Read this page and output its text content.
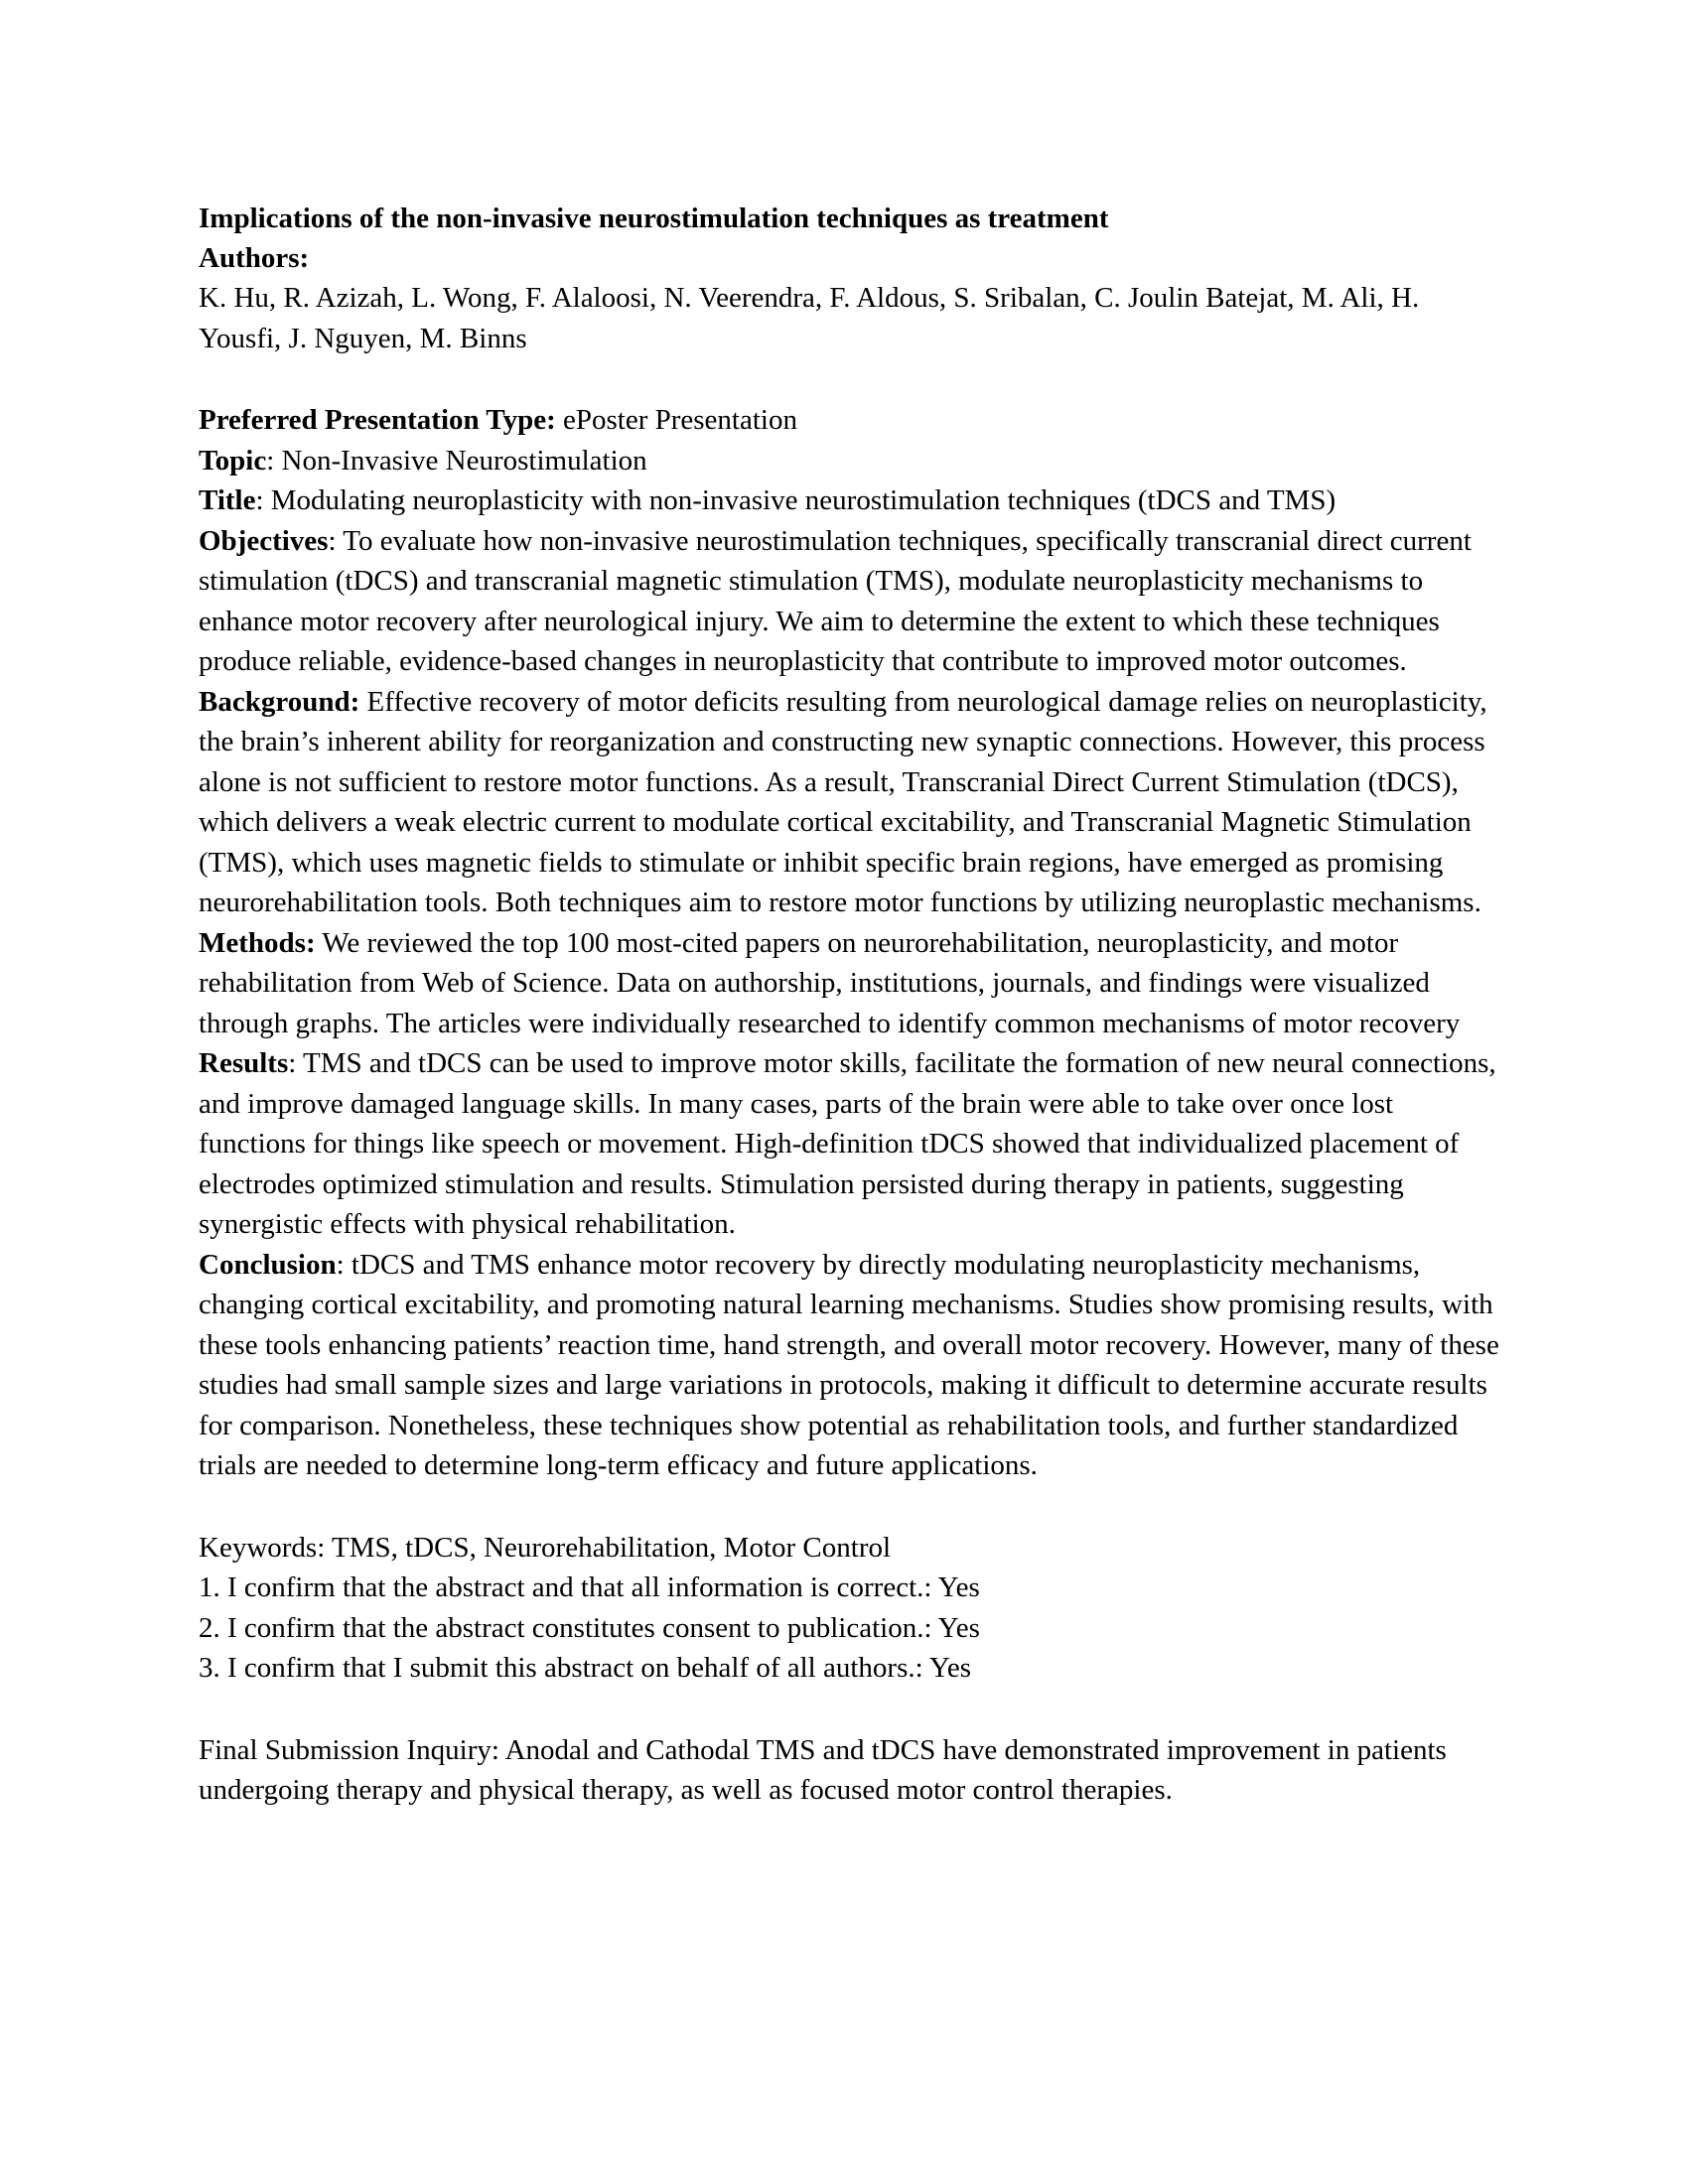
Implications of the non-invasive neurostimulation techniques as treatment

Authors:

K. Hu, R. Azizah, L. Wong, F. Alaloosi, N. Veerendra, F. Aldous, S. Sribalan, C. Joulin Batejat, M. Ali, H. Yousfi, J. Nguyen, M. Binns

Preferred Presentation Type: ePoster Presentation

Topic: Non-Invasive Neurostimulation

Title: Modulating neuroplasticity with non-invasive neurostimulation techniques (tDCS and TMS)

Objectives: To evaluate how non-invasive neurostimulation techniques, specifically transcranial direct current stimulation (tDCS) and transcranial magnetic stimulation (TMS), modulate neuroplasticity mechanisms to enhance motor recovery after neurological injury. We aim to determine the extent to which these techniques produce reliable, evidence-based changes in neuroplasticity that contribute to improved motor outcomes.

Background: Effective recovery of motor deficits resulting from neurological damage relies on neuroplasticity, the brain’s inherent ability for reorganization and constructing new synaptic connections. However, this process alone is not sufficient to restore motor functions. As a result, Transcranial Direct Current Stimulation (tDCS), which delivers a weak electric current to modulate cortical excitability, and Transcranial Magnetic Stimulation (TMS), which uses magnetic fields to stimulate or inhibit specific brain regions, have emerged as promising neurorehabilitation tools. Both techniques aim to restore motor functions by utilizing neuroplastic mechanisms.

Methods: We reviewed the top 100 most-cited papers on neurorehabilitation, neuroplasticity, and motor rehabilitation from Web of Science. Data on authorship, institutions, journals, and findings were visualized through graphs. The articles were individually researched to identify common mechanisms of motor recovery

Results: TMS and tDCS can be used to improve motor skills, facilitate the formation of new neural connections, and improve damaged language skills. In many cases, parts of the brain were able to take over once lost functions for things like speech or movement. High-definition tDCS showed that individualized placement of electrodes optimized stimulation and results. Stimulation persisted during therapy in patients, suggesting synergistic effects with physical rehabilitation.

Conclusion: tDCS and TMS enhance motor recovery by directly modulating neuroplasticity mechanisms, changing cortical excitability, and promoting natural learning mechanisms. Studies show promising results, with these tools enhancing patients’ reaction time, hand strength, and overall motor recovery. However, many of these studies had small sample sizes and large variations in protocols, making it difficult to determine accurate results for comparison. Nonetheless, these techniques show potential as rehabilitation tools, and further standardized trials are needed to determine long-term efficacy and future applications.

Keywords: TMS, tDCS, Neurorehabilitation, Motor Control

1. I confirm that the abstract and that all information is correct.: Yes

2. I confirm that the abstract constitutes consent to publication.: Yes

3. I confirm that I submit this abstract on behalf of all authors.: Yes

Final Submission Inquiry: Anodal and Cathodal TMS and tDCS have demonstrated improvement in patients undergoing therapy and physical therapy, as well as focused motor control therapies.
